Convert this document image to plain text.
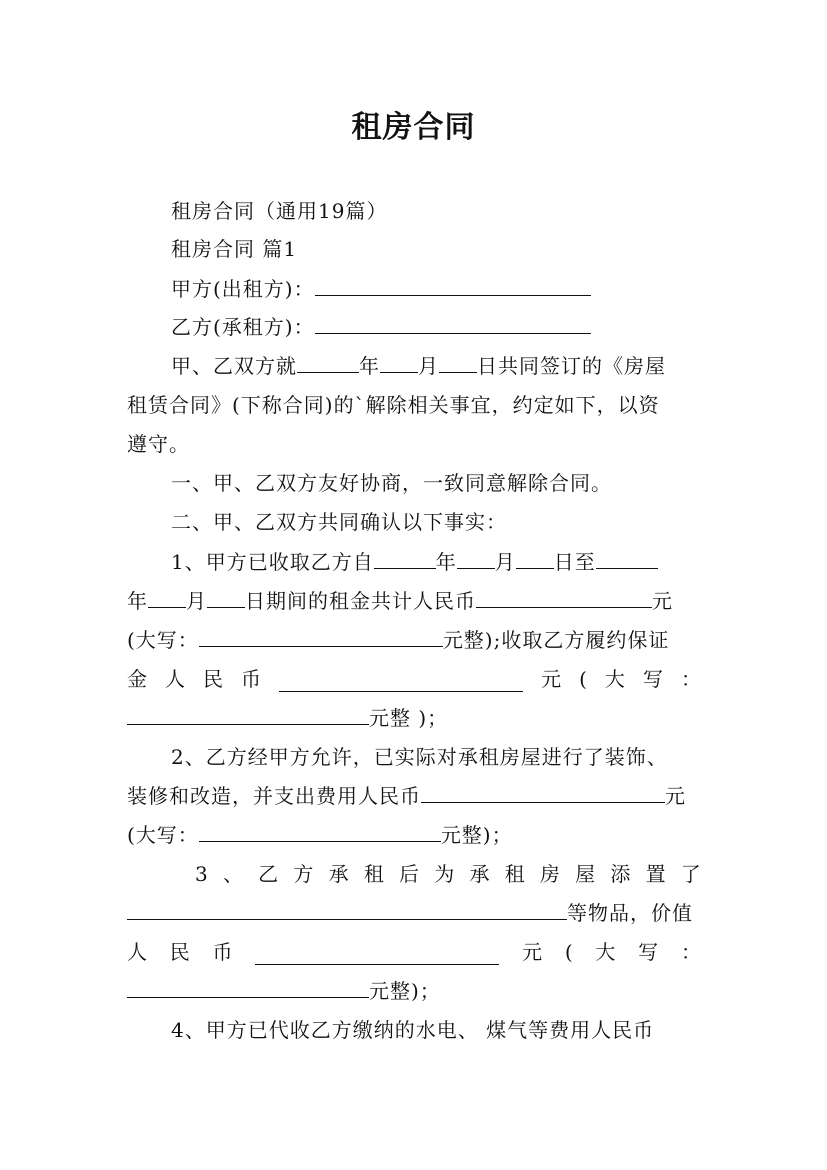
租房合同
租房合同（通用19篇）
租房合同 篇1
甲方(出租方)：
乙方(承租方)：
甲、乙双方就	年 月 日共同签订的《房屋
租赁合同》(下称合同)的`解除相关事宜，约定如下，以资
遵守。
一、甲、乙双方友好协商，一致同意解除合同。
二、甲、乙双方共同确认以下事实：
1、甲方已收取乙方自	年 月 日至
年 月 日期间的租金共计人民币	元
(大写：	元整);收取乙方履约保证
金 人 民 币	元 ( 大 写 ：
元整 )；
2、乙方经甲方允许，已实际对承租房屋进行了装饰、
装修和改造，并支出费用人民币	元
(大写：	元整)；
3 、 乙 方 承 租 后 为 承 租 房 屋 添 置 了
等物品，价值
人 民 币	元 ( 大 写 ：
元整)；
4、甲方已代收乙方缴纳的水电、 煤气等费用人民币
